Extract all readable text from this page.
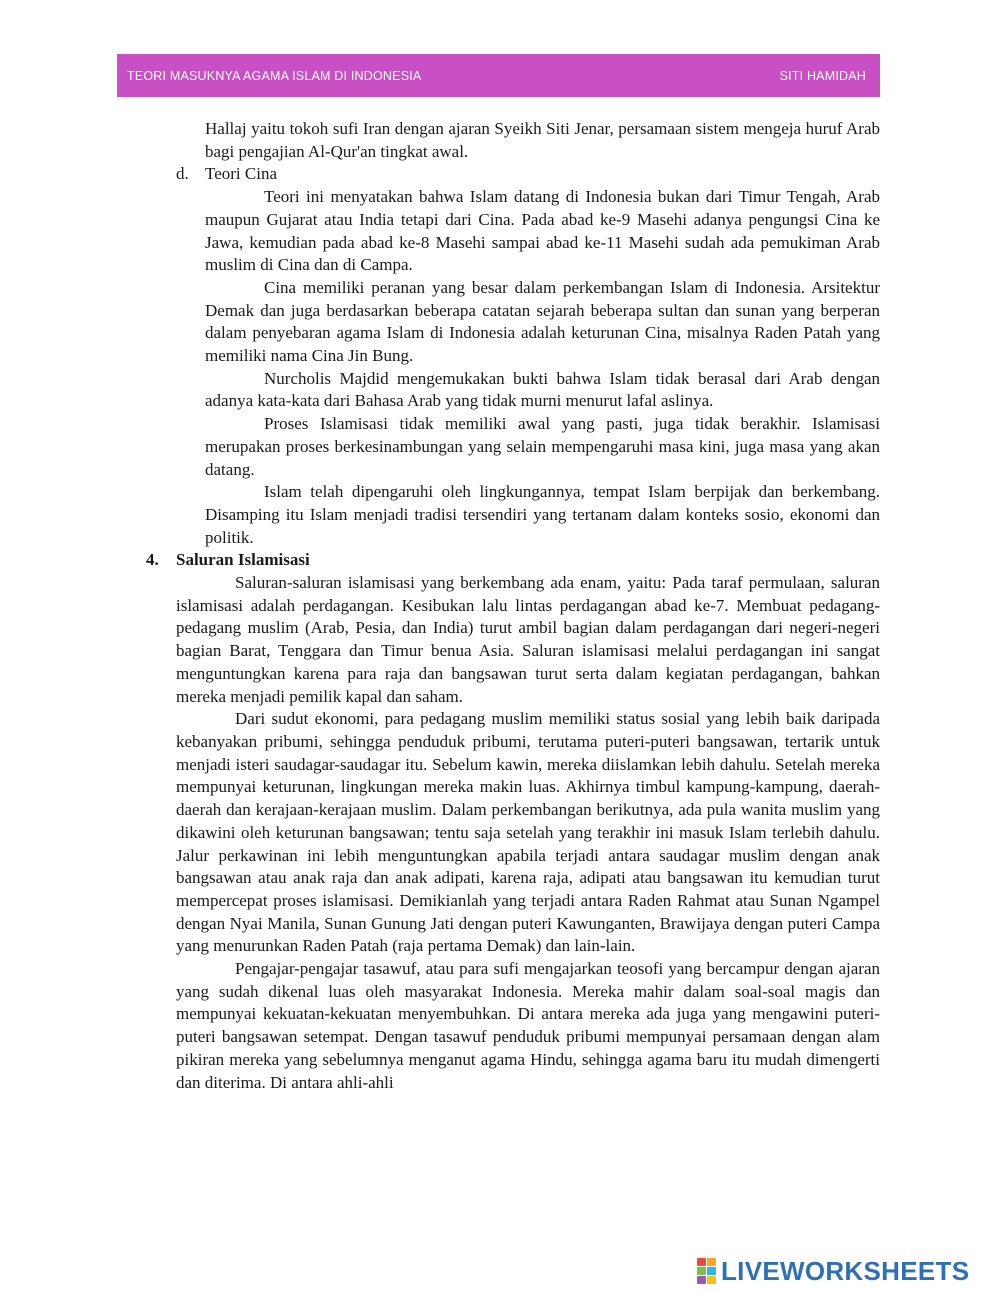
TEORI MASUKNYA AGAMA ISLAM DI INDONESIA	SITI HAMIDAH

Hallaj yaitu tokoh sufi Iran dengan ajaran Syeikh Siti Jenar, persamaan sistem mengeja huruf Arab bagi pengajian Al-Qur'an tingkat awal.

d. Teori Cina

Teori ini menyatakan bahwa Islam datang di Indonesia bukan dari Timur Tengah, Arab maupun Gujarat atau India tetapi dari Cina. Pada abad ke-9 Masehi adanya pengungsi Cina ke Jawa, kemudian pada abad ke-8 Masehi sampai abad ke-11 Masehi sudah ada pemukiman Arab muslim di Cina dan di Campa.

Cina memiliki peranan yang besar dalam perkembangan Islam di Indonesia. Arsitektur Demak dan juga berdasarkan beberapa catatan sejarah beberapa sultan dan sunan yang berperan dalam penyebaran agama Islam di Indonesia adalah keturunan Cina, misalnya Raden Patah yang memiliki nama Cina Jin Bung.

Nurcholis Majdid mengemukakan bukti bahwa Islam tidak berasal dari Arab dengan adanya kata-kata dari Bahasa Arab yang tidak murni menurut lafal aslinya.

Proses Islamisasi tidak memiliki awal yang pasti, juga tidak berakhir. Islamisasi merupakan proses berkesinambungan yang selain mempengaruhi masa kini, juga masa yang akan datang.

Islam telah dipengaruhi oleh lingkungannya, tempat Islam berpijak dan berkembang. Disamping itu Islam menjadi tradisi tersendiri yang tertanam dalam konteks sosio, ekonomi dan politik.

4. Saluran Islamisasi

Saluran-saluran islamisasi yang berkembang ada enam, yaitu: Pada taraf permulaan, saluran islamisasi adalah perdagangan. Kesibukan lalu lintas perdagangan abad ke-7. Membuat pedagang-pedagang muslim (Arab, Pesia, dan India) turut ambil bagian dalam perdagangan dari negeri-negeri bagian Barat, Tenggara dan Timur benua Asia. Saluran islamisasi melalui perdagangan ini sangat menguntungkan karena para raja dan bangsawan turut serta dalam kegiatan perdagangan, bahkan mereka menjadi pemilik kapal dan saham.

Dari sudut ekonomi, para pedagang muslim memiliki status sosial yang lebih baik daripada kebanyakan pribumi, sehingga penduduk pribumi, terutama puteri-puteri bangsawan, tertarik untuk menjadi isteri saudagar-saudagar itu. Sebelum kawin, mereka diislamkan lebih dahulu. Setelah mereka mempunyai keturunan, lingkungan mereka makin luas. Akhirnya timbul kampung-kampung, daerah-daerah dan kerajaan-kerajaan muslim. Dalam perkembangan berikutnya, ada pula wanita muslim yang dikawini oleh keturunan bangsawan; tentu saja setelah yang terakhir ini masuk Islam terlebih dahulu. Jalur perkawinan ini lebih menguntungkan apabila terjadi antara saudagar muslim dengan anak bangsawan atau anak raja dan anak adipati, karena raja, adipati atau bangsawan itu kemudian turut mempercepat proses islamisasi. Demikianlah yang terjadi antara Raden Rahmat atau Sunan Ngampel dengan Nyai Manila, Sunan Gunung Jati dengan puteri Kawunganten, Brawijaya dengan puteri Campa yang menurunkan Raden Patah (raja pertama Demak) dan lain-lain.

Pengajar-pengajar tasawuf, atau para sufi mengajarkan teosofi yang bercampur dengan ajaran yang sudah dikenal luas oleh masyarakat Indonesia. Mereka mahir dalam soal-soal magis dan mempunyai kekuatan-kekuatan menyembuhkan. Di antara mereka ada juga yang mengawini puteri-puteri bangsawan setempat. Dengan tasawuf penduduk pribumi mempunyai persamaan dengan alam pikiran mereka yang sebelumnya menganut agama Hindu, sehingga agama baru itu mudah dimengerti dan diterima. Di antara ahli-ahli

LIVEWORKSHEETS
